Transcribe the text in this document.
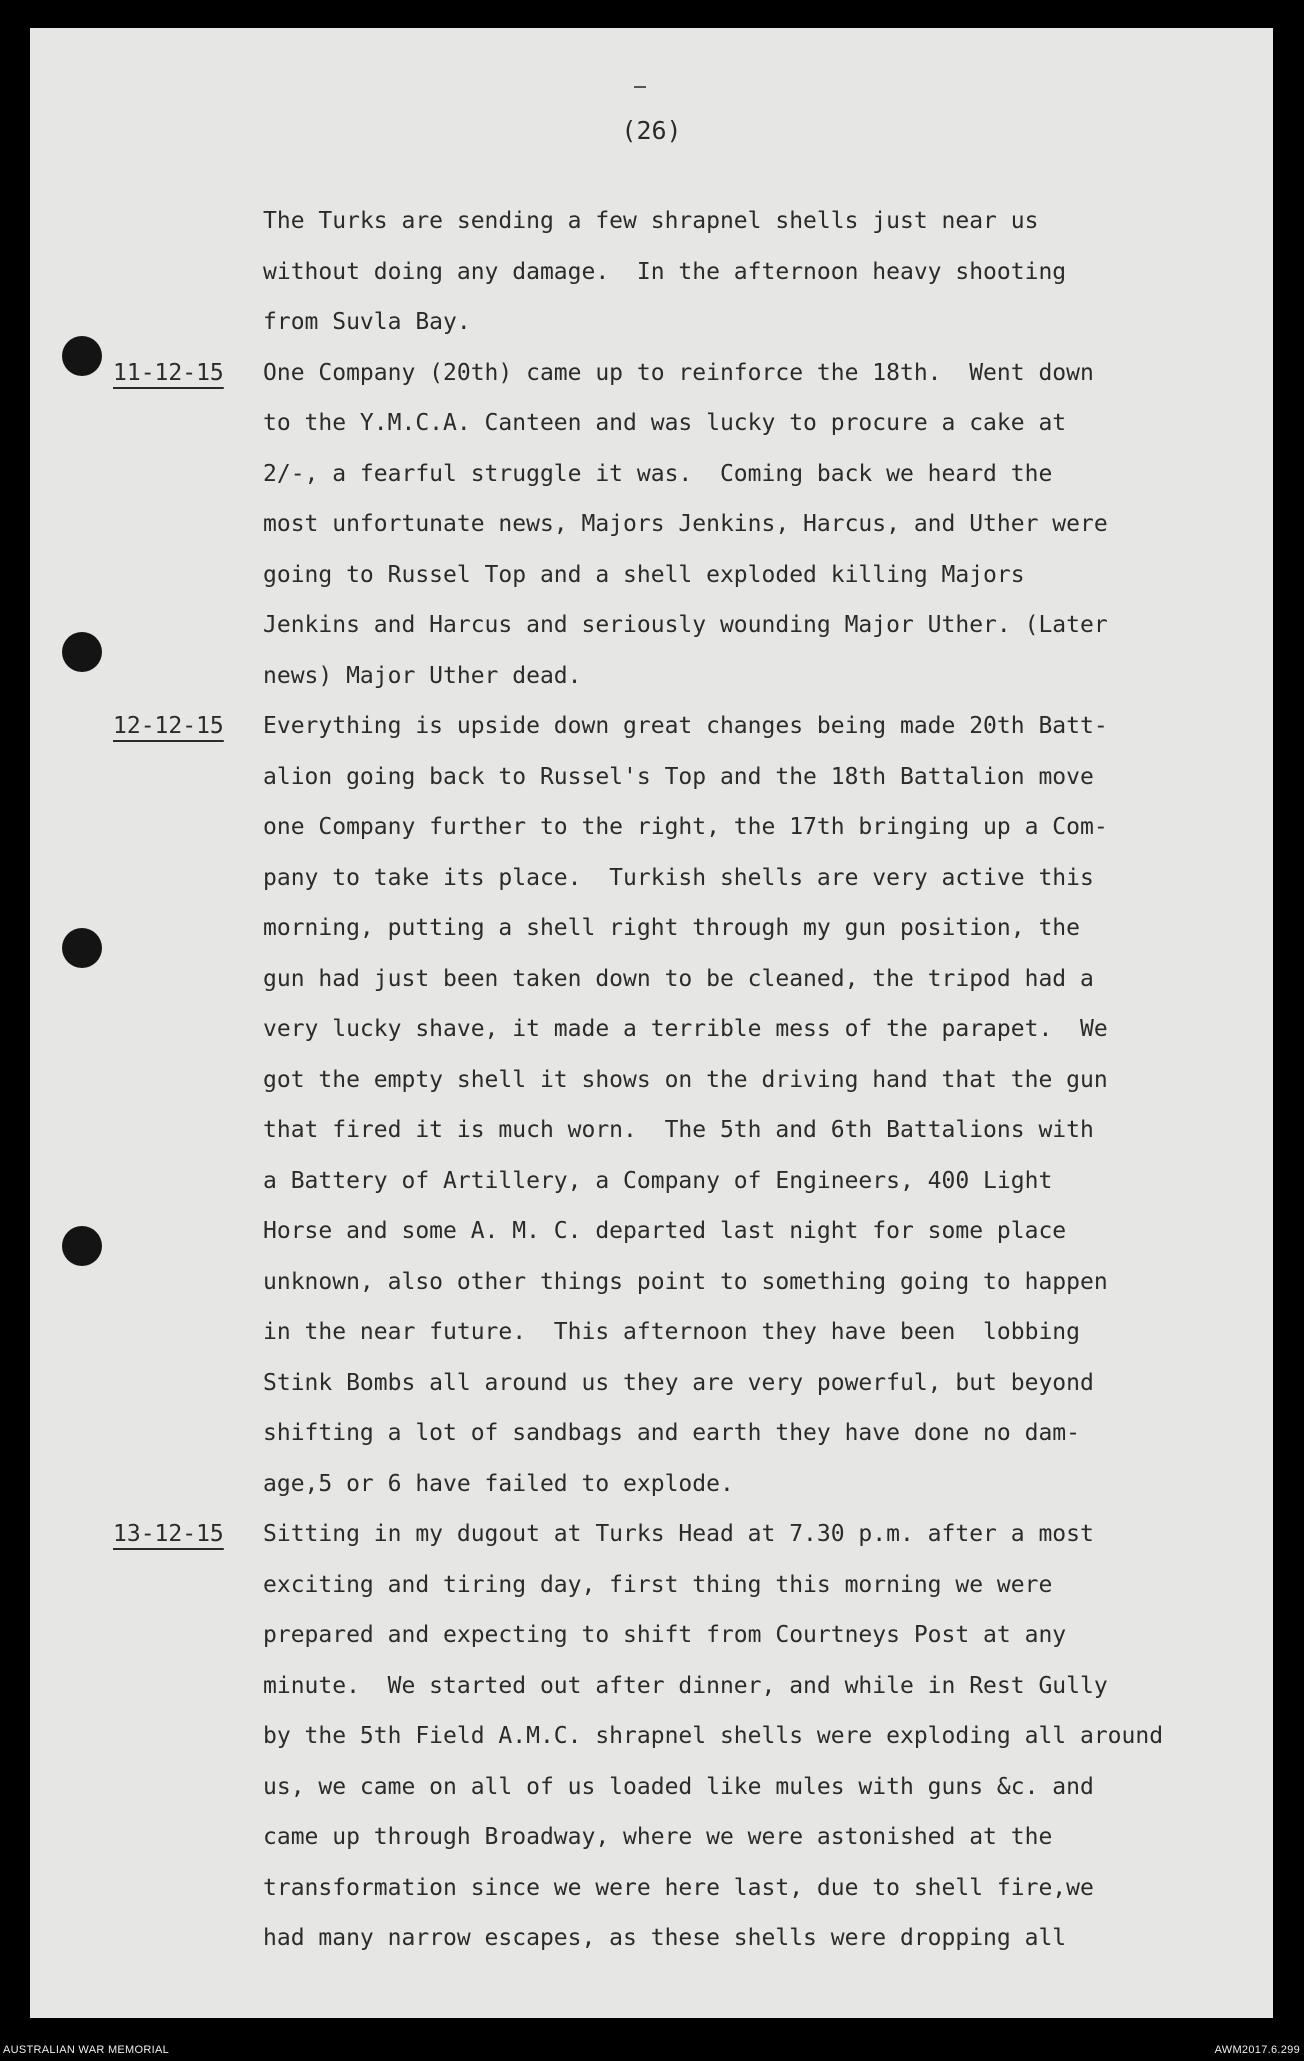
(26)
The Turks are sending a few shrapnel shells just near us
without doing any damage.  In the afternoon heavy shooting
from Suvla Bay.
11-12-15 One Company (20th) came up to reinforce the 18th.  Went down
to the Y.M.C.A. Canteen and was lucky to procure a cake at
2/-, a fearful struggle it was.  Coming back we heard the
most unfortunate news, Majors Jenkins, Harcus, and Uther were
going to Russel Top and a shell exploded killing Majors
Jenkins and Harcus and seriously wounding Major Uther. (Later
news) Major Uther dead.
12-12-15 Everything is upside down great changes being made 20th Batt-
alion going back to Russel's Top and the 18th Battalion move
one Company further to the right, the 17th bringing up a Com-
pany to take its place.  Turkish shells are very active this
morning, putting a shell right through my gun position, the
gun had just been taken down to be cleaned, the tripod had a
very lucky shave, it made a terrible mess of the parapet.  We
got the empty shell it shows on the driving hand that the gun
that fired it is much worn.  The 5th and 6th Battalions with
a Battery of Artillery, a Company of Engineers, 400 Light
Horse and some A. M. C. departed last night for some place
unknown, also other things point to something going to happen
in the near future.  This afternoon they have been  lobbing
Stink Bombs all around us they are very powerful, but beyond
shifting a lot of sandbags and earth they have done no dam-
age,5 or 6 have failed to explode.
13-12-15 Sitting in my dugout at Turks Head at 7.30 p.m. after a most
exciting and tiring day, first thing this morning we were
prepared and expecting to shift from Courtneys Post at any
minute.  We started out after dinner, and while in Rest Gully
by the 5th Field A.M.C. shrapnel shells were exploding all around
us, we came on all of us loaded like mules with guns &c. and
came up through Broadway, where we were astonished at the
transformation since we were here last, due to shell fire,we
had many narrow escapes, as these shells were dropping all
AUSTRALIAN WAR MEMORIAL	AWM2017.6.299
